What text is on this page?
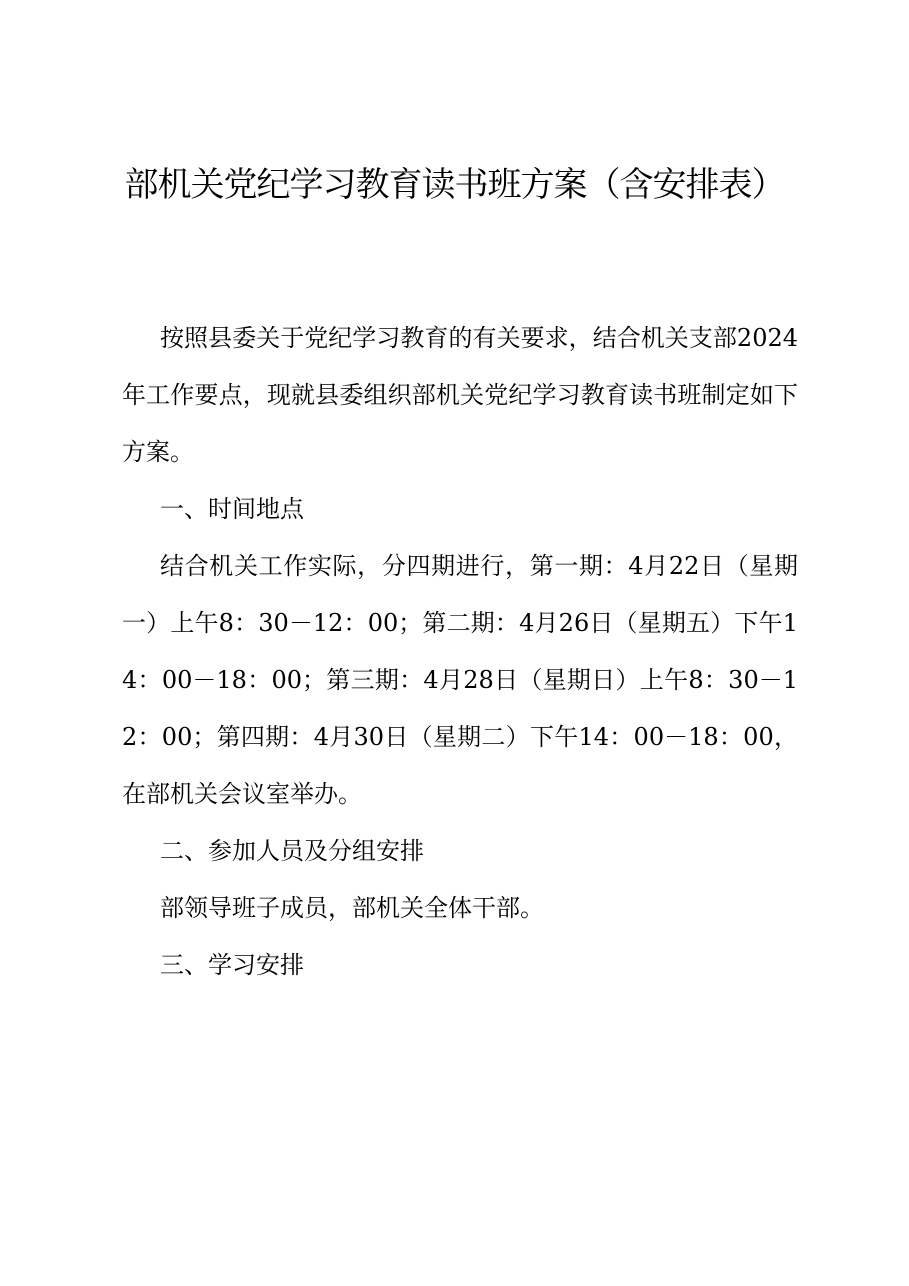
部机关党纪学习教育读书班方案（含安排表）

按照县委关于党纪学习教育的有关要求，结合机关支部2024年工作要点，现就县委组织部机关党纪学习教育读书班制定如下方案。

一、时间地点

结合机关工作实际，分四期进行，第一期：4月22日（星期一）上午8：30－12：00；第二期：4月26日（星期五）下午14：00－18：00；第三期：4月28日（星期日）上午8：30－12：00；第四期：4月30日（星期二）下午14：00－18：00，在部机关会议室举办。

二、参加人员及分组安排

部领导班子成员，部机关全体干部。

三、学习安排
